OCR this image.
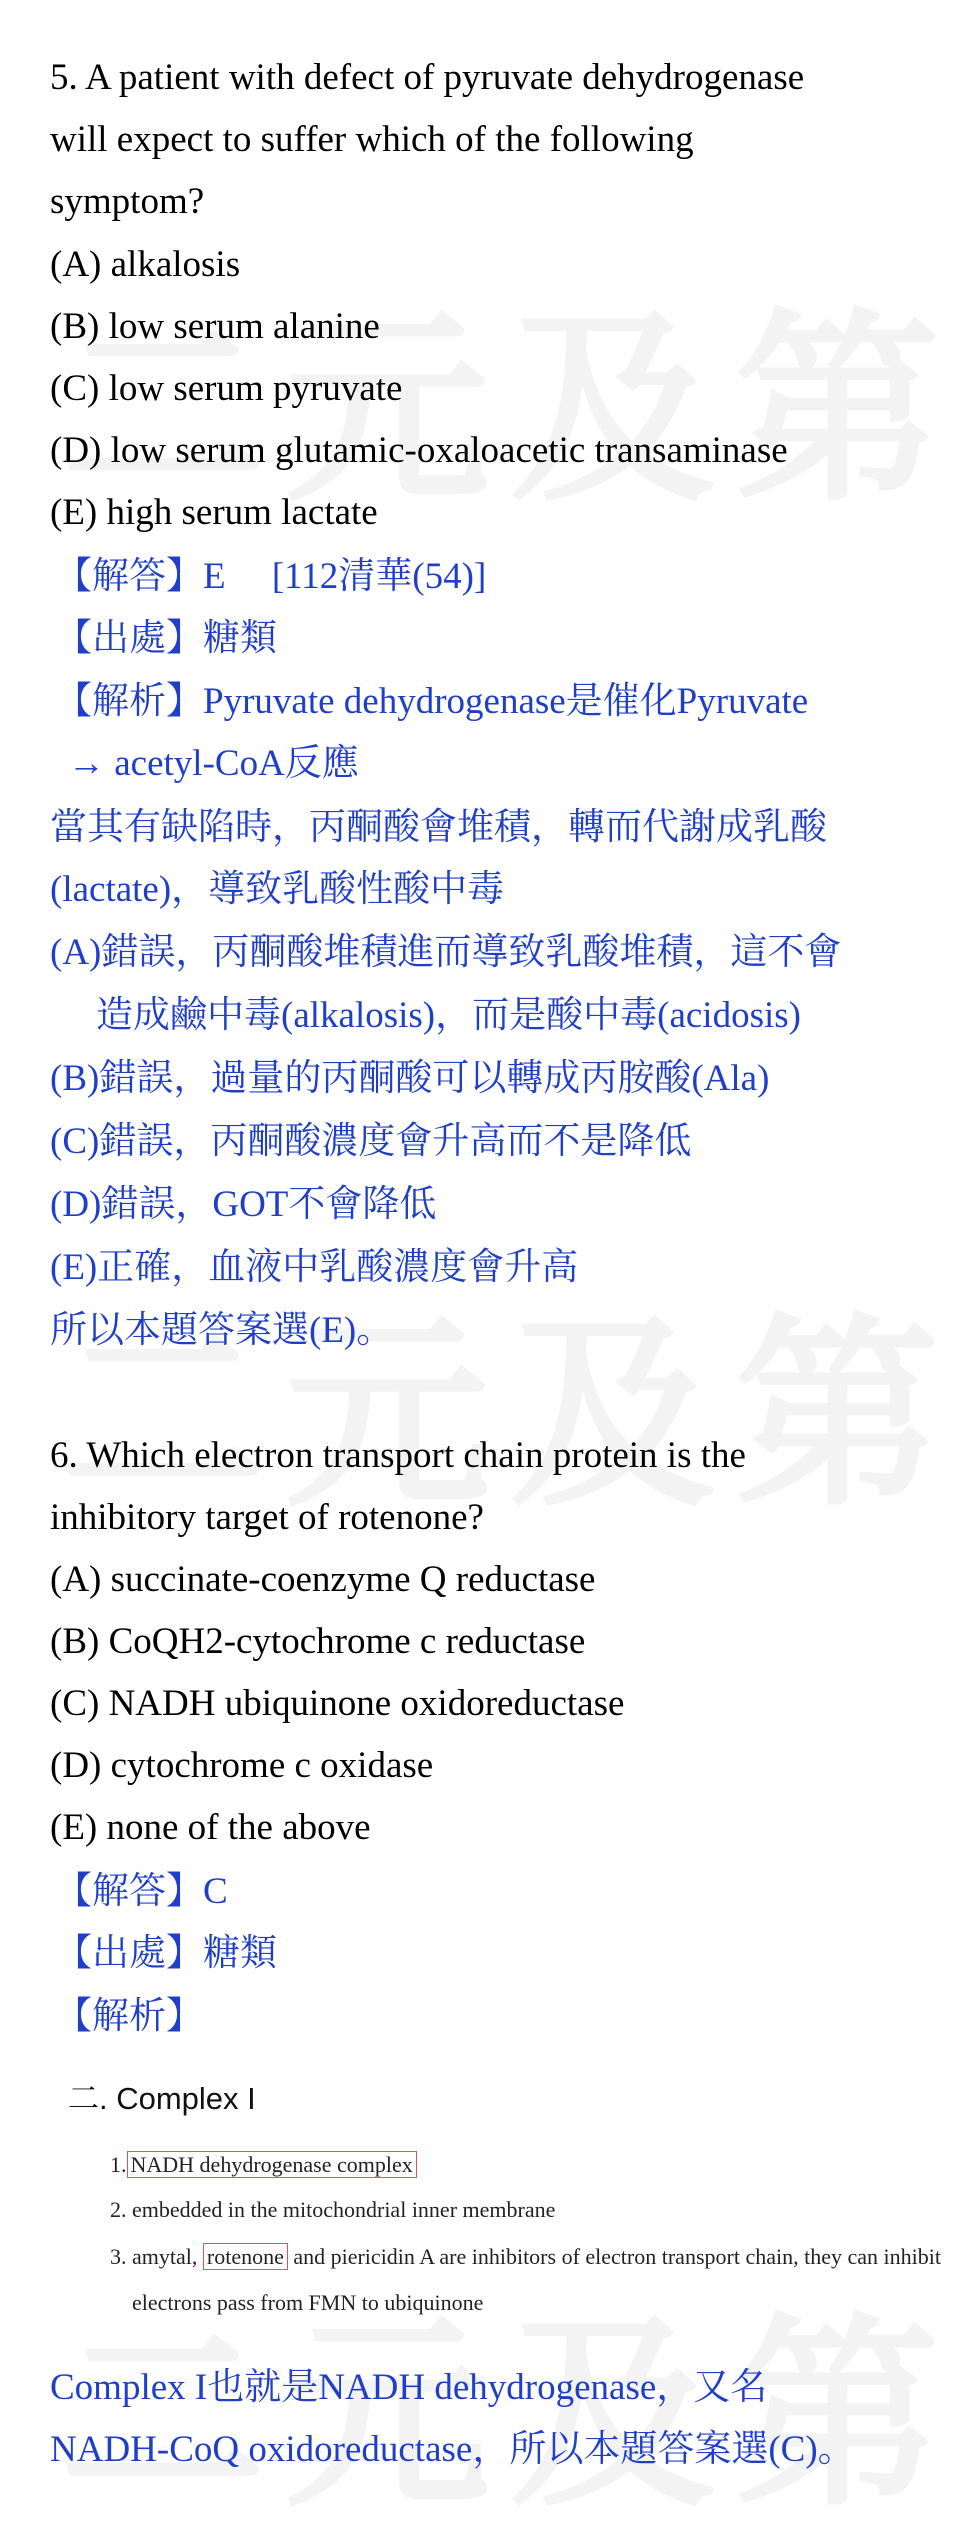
5. A patient with defect of pyruvate dehydrogenase
will expect to suffer which of the following
symptom?
(A) alkalosis
(B) low serum alanine
(C) low serum pyruvate
(D) low serum glutamic-oxaloacetic transaminase
(E) high serum lactate
【解答】E　 [112清華(54)]
【出處】糖類
【解析】Pyruvate dehydrogenase是催化Pyruvate
→ acetyl-CoA反應
當其有缺陷時，丙酮酸會堆積，轉而代謝成乳酸
(lactate)，導致乳酸性酸中毒
(A)錯誤，丙酮酸堆積進而導致乳酸堆積，這不會
造成鹼中毒(alkalosis)，而是酸中毒(acidosis)
(B)錯誤，過量的丙酮酸可以轉成丙胺酸(Ala)
(C)錯誤，丙酮酸濃度會升高而不是降低
(D)錯誤，GOT不會降低
(E)正確，血液中乳酸濃度會升高
所以本題答案選(E)。
6. Which electron transport chain protein is the
inhibitory target of rotenone?
(A) succinate-coenzyme Q reductase
(B) CoQH2-cytochrome c reductase
(C) NADH ubiquinone oxidoreductase
(D) cytochrome c oxidase
(E) none of the above
【解答】C
【出處】糖類
【解析】
二. Complex I
1. NADH dehydrogenase complex
2. embedded in the mitochondrial inner membrane
3. amytal, rotenone and piericidin A are inhibitors of electron transport chain, they can inhibit
electrons pass from FMN to ubiquinone
Complex I也就是NADH dehydrogenase，又名
NADH-CoQ oxidoreductase，所以本題答案選(C)。
